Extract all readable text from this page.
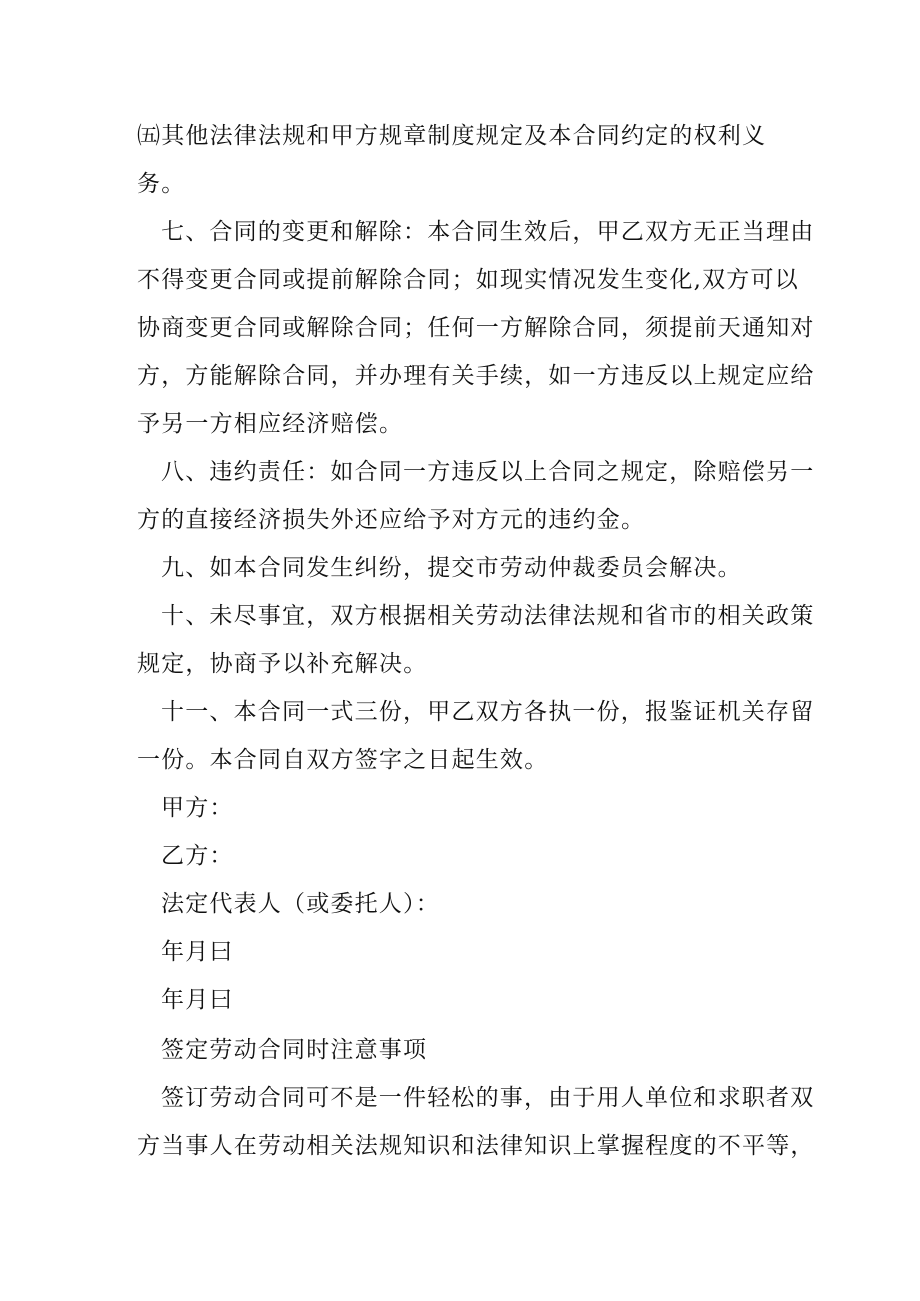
㈤其他法律法规和甲方规章制度规定及本合同约定的权利义
务。
七、合同的变更和解除：本合同生效后，甲乙双方无正当理由
不得变更合同或提前解除合同；如现实情况发生变化,双方可以
协商变更合同或解除合同；任何一方解除合同，须提前天通知对
方，方能解除合同，并办理有关手续，如一方违反以上规定应给
予另一方相应经济赔偿。
八、违约责任：如合同一方违反以上合同之规定，除赔偿另一
方的直接经济损失外还应给予对方元的违约金。
九、如本合同发生纠纷，提交市劳动仲裁委员会解决。
十、未尽事宜，双方根据相关劳动法律法规和省市的相关政策
规定，协商予以补充解决。
十一、本合同一式三份，甲乙双方各执一份，报鉴证机关存留
一份。本合同自双方签字之日起生效。
甲方：
乙方：
法定代表人（或委托人）：
年月曰
年月曰
签定劳动合同时注意事项
签订劳动合同可不是一件轻松的事，由于用人单位和求职者双
方当事人在劳动相关法规知识和法律知识上掌握程度的不平等，
